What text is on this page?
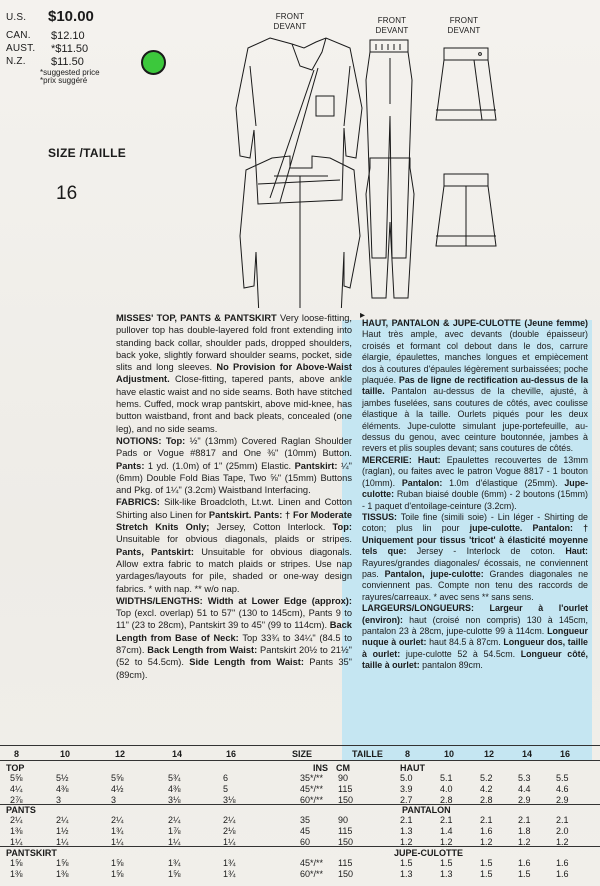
U.S. $10.00
CAN. $12.10
AUST. *$11.50
N.Z. $11.50
*suggested price
*prix suggéré
SIZE /TAILLE
16
FRONT
DEVANT
FRONT
DEVANT
FRONT
DEVANT
▸

MISSES' TOP, PANTS & PANTSKIRT Very loose-fitting, pullover top has double-layered fold front extending into standing back collar, shoulder pads, dropped shoulders, back yoke, slightly forward shoulder seams, pocket, side slits and long sleeves. No Provision for Above-Waist Adjustment. Close-fitting, tapered pants, above ankle have elastic waist and no side seams. Both have stitched hems. Cuffed, mock wrap pantskirt, above mid-knee, has button waistband, front and back pleats, concealed (one leg), and no side seams.

NOTIONS: Top: ½" (13mm) Covered Raglan Shoulder Pads or Vogue #8817 and One ⅜" (10mm) Button. Pants: 1 yd. (1.0m) of 1" (25mm) Elastic. Pantskirt: ¼" (6mm) Double Fold Bias Tape, Two ⅝" (15mm) Buttons and Pkg. of 1¼" (3.2cm) Waistband Interfacing.

FABRICS: Silk-like Broadcloth, Lt.wt. Linen and Cotton Shirting also Linen for Pantskirt. Pants: † For Moderate Stretch Knits Only; Jersey, Cotton Interlock. Top: Unsuitable for obvious diagonals, plaids or stripes. Pants, Pantskirt: Unsuitable for obvious diagonals. Allow extra fabric to match plaids or stripes. Use nap yardages/layouts for pile, shaded or one-way design fabrics. * with nap. ** w/o nap.

WIDTHS/LENGTHS: Width at Lower Edge (approx): Top (excl. overlap) 51 to 57" (130 to 145cm), Pants 9 to 11" (23 to 28cm), Pantskirt 39 to 45" (99 to 114cm). Back Length from Base of Neck: Top 33¾ to 34¼" (84.5 to 87cm). Back Length from Waist: Pantskirt 20½ to 21½" (52 to 54.5cm). Side Length from Waist: Pants 35" (89cm).

HAUT, PANTALON & JUPE-CULOTTE (Jeune femme) Haut très ample, avec devants (double épaisseur) croisés et formant col debout dans le dos, carrure élargie, épaulettes, manches longues et empiècement dos à coutures d'épaules légèrement surbaissées; poche plaquée. Pas de ligne de rectification au-dessus de la taille. Pantalon au-dessus de la cheville, ajusté, à jambes fuselées, sans coutures de côtés, avec coulisse élastique à la taille. Ourlets piqués pour les deux éléments. Jupe-culotte simulant jupe-portefeuille, au-dessus du genou, avec ceinture boutonnée, jambes à revers et plis souples devant; sans coutures de côtés.

MERCERIE: Haut: Epaulettes recouvertes de 13mm (raglan), ou faites avec le patron Vogue 8817 - 1 bouton (10mm). Pantalon: 1.0m d'élastique (25mm). Jupe-culotte: Ruban biaisé double (6mm) - 2 boutons (15mm) - 1 paquet d'entoilage-ceinture (3.2cm).

TISSUS: Toile fine (simili soie) - Lin léger - Shirting de coton; plus lin pour jupe-culotte. Pantalon: † Uniquement pour tissus 'tricot' à élasticité moyenne tels que: Jersey - Interlock de coton. Haut: Rayures/grandes diagonales/ écossais, ne conviennent pas. Pantalon, jupe-culotte: Grandes diagonales ne conviennent pas. Compte non tenu des raccords de rayures/carreaux. * avec sens ** sans sens.

LARGEURS/LONGUEURS: Largeur à l'ourlet (environ): haut (croisé non compris) 130 à 145cm, pantalon 23 à 28cm, jupe-culotte 99 à 114cm. Longueur nuque à ourlet: haut 84.5 à 87cm. Longueur dos, taille à ourlet: jupe-culotte 52 à 54.5cm. Longueur côté, taille à ourlet: pantalon 89cm.

8	10	12	14	16	SIZE	TAILLE 8	10	12	14	16
TOP	INS CM	HAUT
PANTS	PANTALON
PANTSKIRT	JUPE-CULOTTE
5⅝	5½	5⅝	5¾	6	35*/** 90	5.0	5.1	5.2	5.3	5.5
4¼	4⅜	4½	4⅜	5	45*/** 115	3.9	4.0	4.2	4.4	4.6
2⅞	3	3	3⅛	3⅛	60*/** 150	2.7	2.8	2.8	2.9	2.9
2¼	2¼	2¼	2¼	2¼	35	90	2.1	2.1	2.1	2.1	2.1
1⅜	1½	1¾	1⅞	2⅛	45	115	1.3	1.4	1.6	1.8	2.0
1¼	1¼	1¼	1¼	1¼	60	150	1.2	1.2	1.2	1.2	1.2
1⅝	1⅝	1⅝	1¾	1¾	45*/** 115	1.5	1.5	1.5	1.6	1.6
1⅜	1⅜	1⅝	1⅝	1¾	60*/** 150	1.3	1.3	1.5	1.5	1.6
